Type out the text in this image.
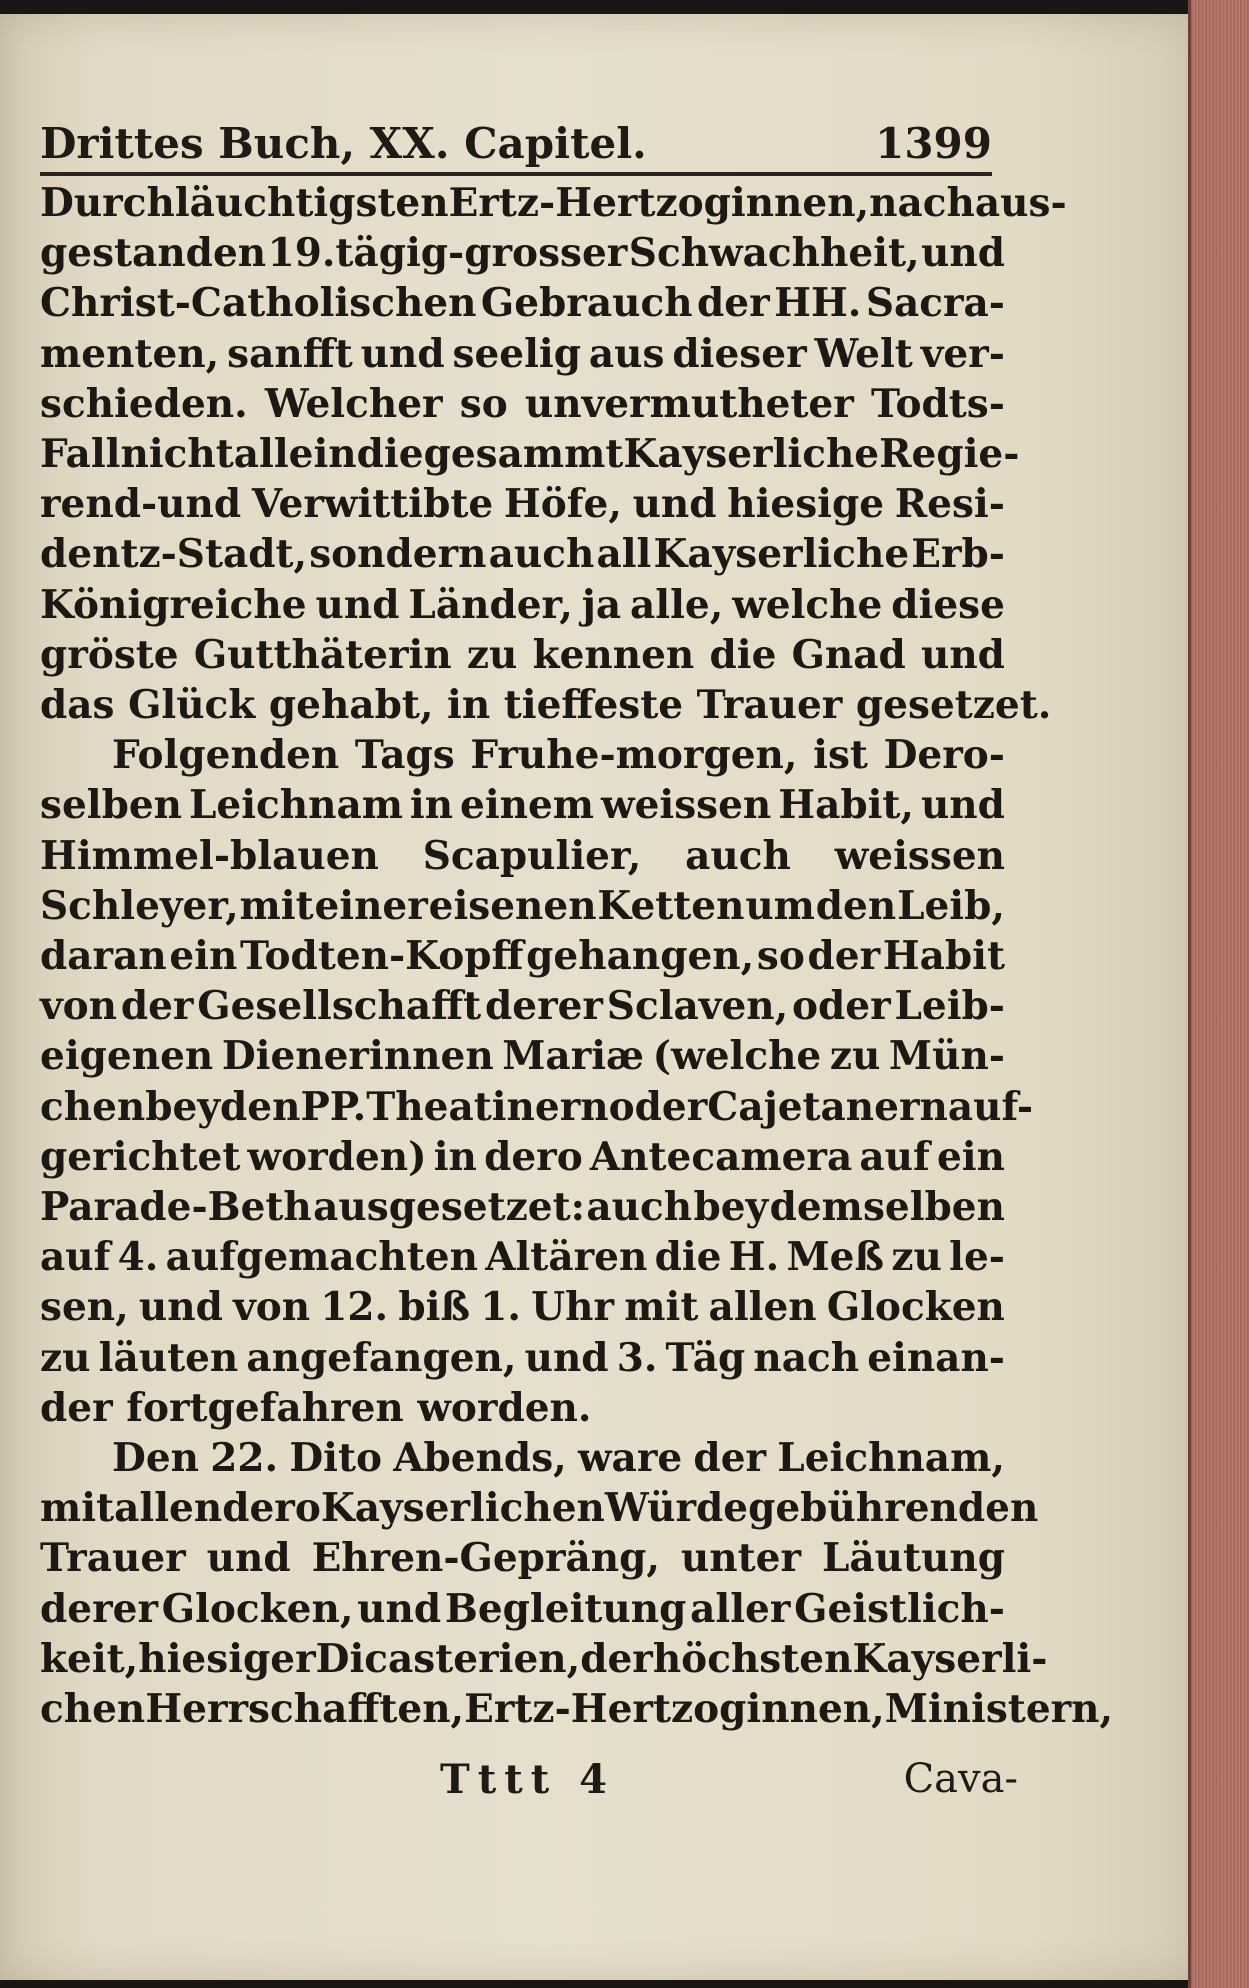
Drittes Buch, XX. Capitel.	1399
Durchläuchtigsten Ertz-Hertzoginnen, nach aus-
gestanden 19.tägig-grosser Schwachheit, und
Christ-Catholischen Gebrauch der HH. Sacra-
menten, sanfft und seelig aus dieser Welt ver-
schieden. Welcher so unvermutheter Todts-
Fall nicht allein die gesammt Kayserliche Regie-
rend-und Verwittibte Höfe, und hiesige Resi-
dentz-Stadt, sondern auch all Kayserliche Erb-
Königreiche und Länder, ja alle, welche diese
gröste Gutthäterin zu kennen die Gnad und
das Glück gehabt, in tieffeste Trauer gesetzet.
Folgenden Tags Fruhe-morgen, ist Dero-
selben Leichnam in einem weissen Habit, und
Himmel-blauen Scapulier, auch weissen
Schleyer, mit einer eisenen Ketten um den Leib,
daran ein Todten-Kopff gehangen, so der Habit
von der Gesellschafft derer Sclaven, oder Leib-
eigenen Dienerinnen Mariæ (welche zu Mün-
chen bey den PP. Theatinern oder Cajetanern auf-
gerichtet worden) in dero Antecamera auf ein
Parade-Beth ausgesetzet: auch bey demselben
auf 4. aufgemachten Altären die H. Meß zu le-
sen, und von 12. biß 1. Uhr mit allen Glocken
zu läuten angefangen, und 3. Täg nach einan-
der fortgefahren worden.
Den 22. Dito Abends, ware der Leichnam,
mit allen dero Kayserlichen Würde gebührenden
Trauer und Ehren-Gepräng, unter Läutung
derer Glocken, und Begleitung aller Geistlich-
keit, hiesiger Dicasterien, der höchsten Kayserli-
chen Herrschafften, Ertz-Hertzoginnen, Ministern,
Tttt 4	Cava-
